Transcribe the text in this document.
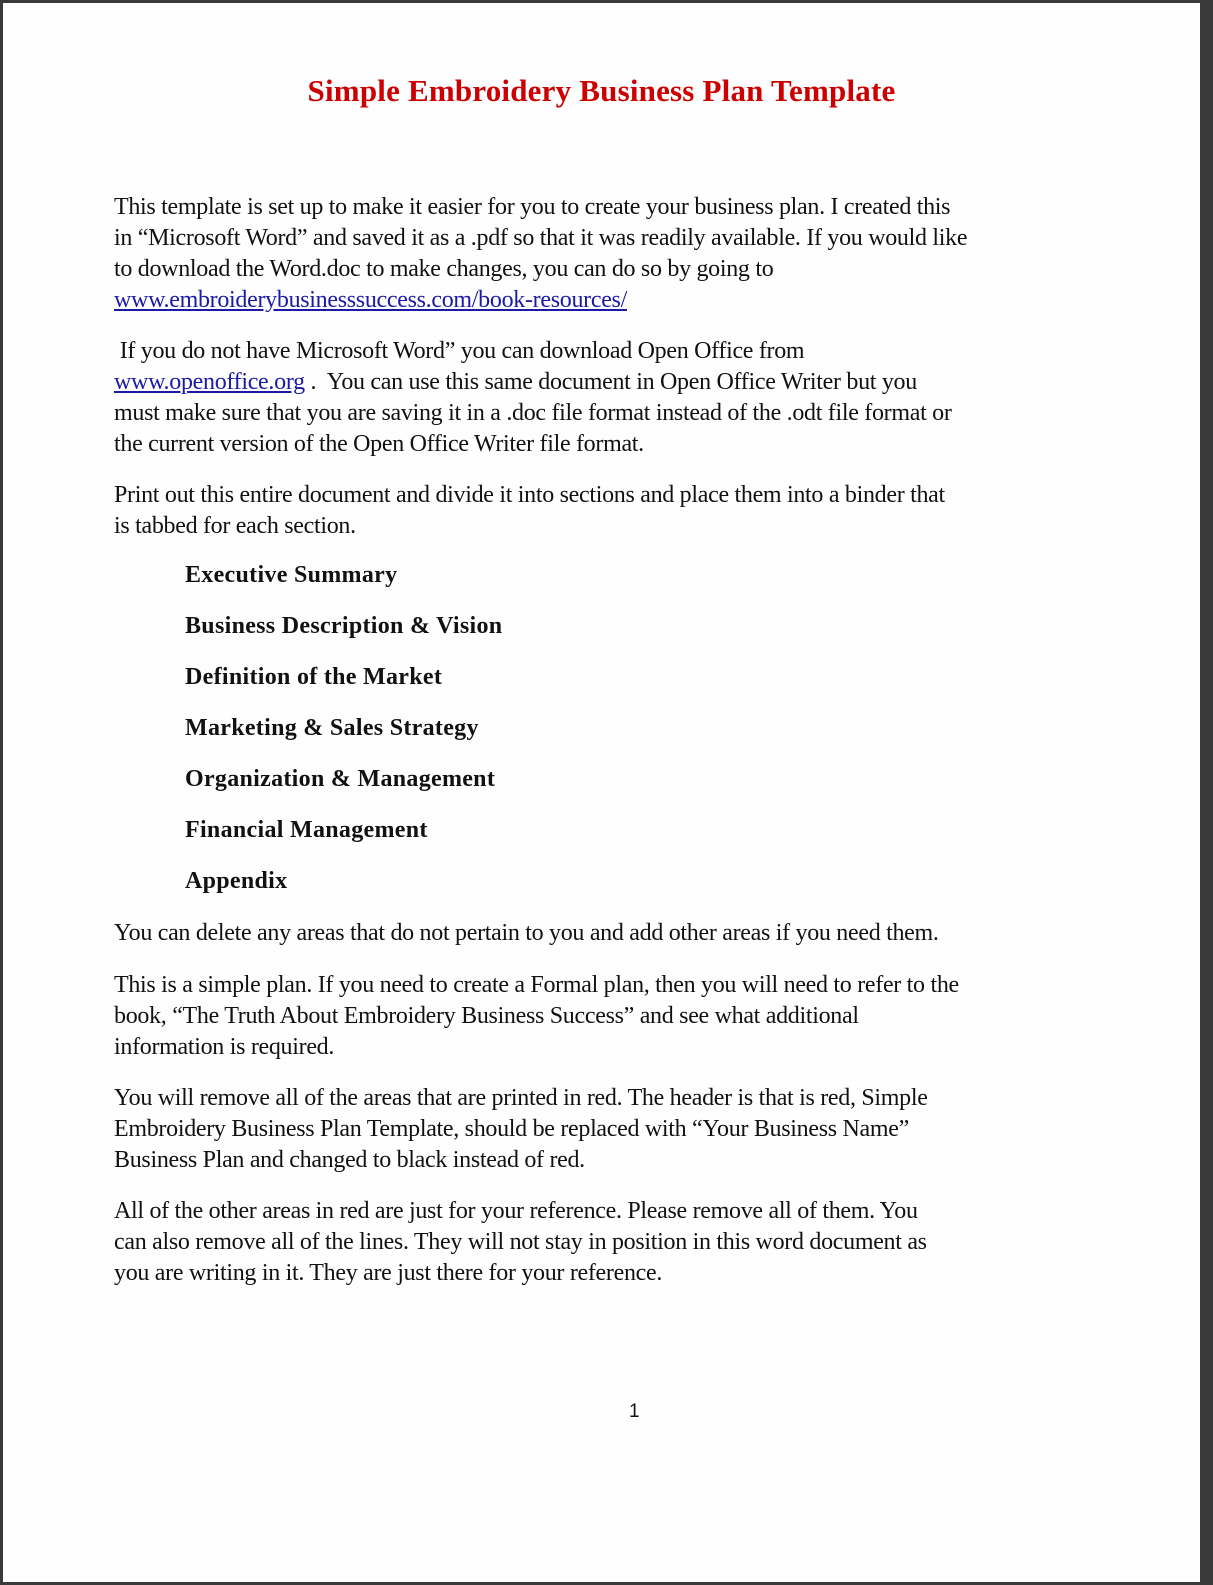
Simple Embroidery Business Plan Template
This template is set up to make it easier for you to create your business plan. I created this
in “Microsoft Word” and saved it as a .pdf so that it was readily available. If you would like
to download the Word.doc to make changes, you can do so by going to
www.embroiderybusinesssuccess.com/book-resources/
If you do not have Microsoft Word” you can download Open Office from
www.openoffice.org .  You can use this same document in Open Office Writer but you
must make sure that you are saving it in a .doc file format instead of the .odt file format or
the current version of the Open Office Writer file format.
Print out this entire document and divide it into sections and place them into a binder that
is tabbed for each section.
Executive Summary
Business Description & Vision
Definition of the Market
Marketing & Sales Strategy
Organization & Management
Financial Management
Appendix
You can delete any areas that do not pertain to you and add other areas if you need them.
This is a simple plan. If you need to create a Formal plan, then you will need to refer to the
book, “The Truth About Embroidery Business Success” and see what additional
information is required.
You will remove all of the areas that are printed in red. The header is that is red, Simple
Embroidery Business Plan Template, should be replaced with “Your Business Name”
Business Plan and changed to black instead of red.
All of the other areas in red are just for your reference. Please remove all of them. You
can also remove all of the lines. They will not stay in position in this word document as
you are writing in it. They are just there for your reference.
1
